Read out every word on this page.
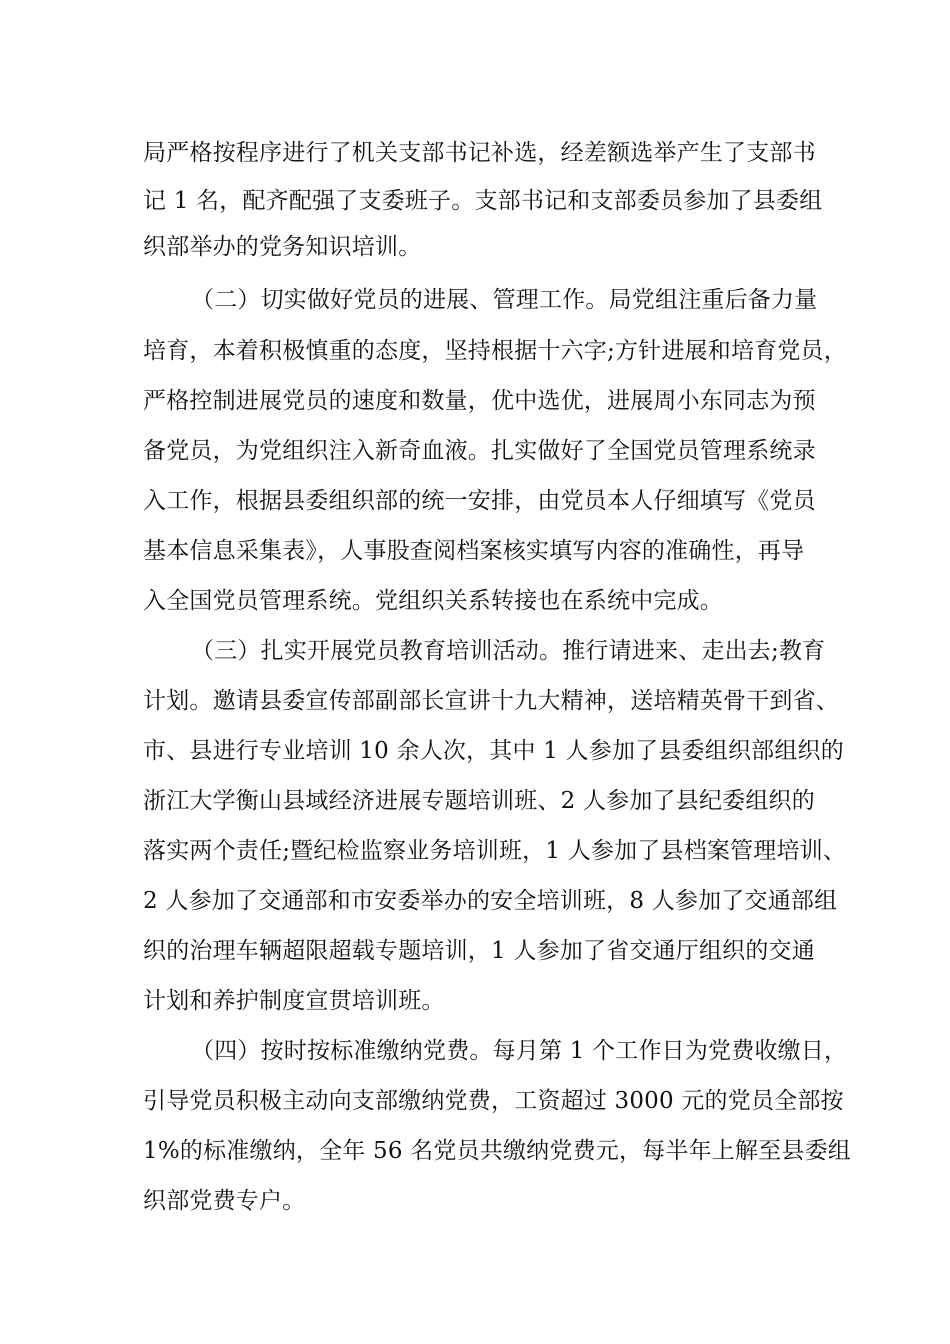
局严格按程序进行了机关支部书记补选，经差额选举产生了支部书

记 1 名，配齐配强了支委班子。支部书记和支部委员参加了县委组

织部举办的党务知识培训。

（二）切实做好党员的进展、管理工作。局党组注重后备力量

培育，本着积极慎重的态度，坚持根据十六字;方针进展和培育党员，

严格控制进展党员的速度和数量，优中选优，进展周小东同志为预

备党员，为党组织注入新奇血液。扎实做好了全国党员管理系统录

入工作，根据县委组织部的统一安排，由党员本人仔细填写《党员

基本信息采集表》，人事股查阅档案核实填写内容的准确性，再导

入全国党员管理系统。党组织关系转接也在系统中完成。

（三）扎实开展党员教育培训活动。推行请进来、走出去;教育

计划。邀请县委宣传部副部长宣讲十九大精神，送培精英骨干到省、

市、县进行专业培训 10 余人次，其中 1 人参加了县委组织部组织的

浙江大学衡山县域经济进展专题培训班、2 人参加了县纪委组织的

落实两个责任;暨纪检监察业务培训班，1 人参加了县档案管理培训、

2 人参加了交通部和市安委举办的安全培训班，8 人参加了交通部组

织的治理车辆超限超载专题培训，1 人参加了省交通厅组织的交通

计划和养护制度宣贯培训班。

（四）按时按标准缴纳党费。每月第 1 个工作日为党费收缴日，

引导党员积极主动向支部缴纳党费，工资超过 3000 元的党员全部按

1%的标准缴纳，全年 56 名党员共缴纳党费元，每半年上解至县委组

织部党费专户。
